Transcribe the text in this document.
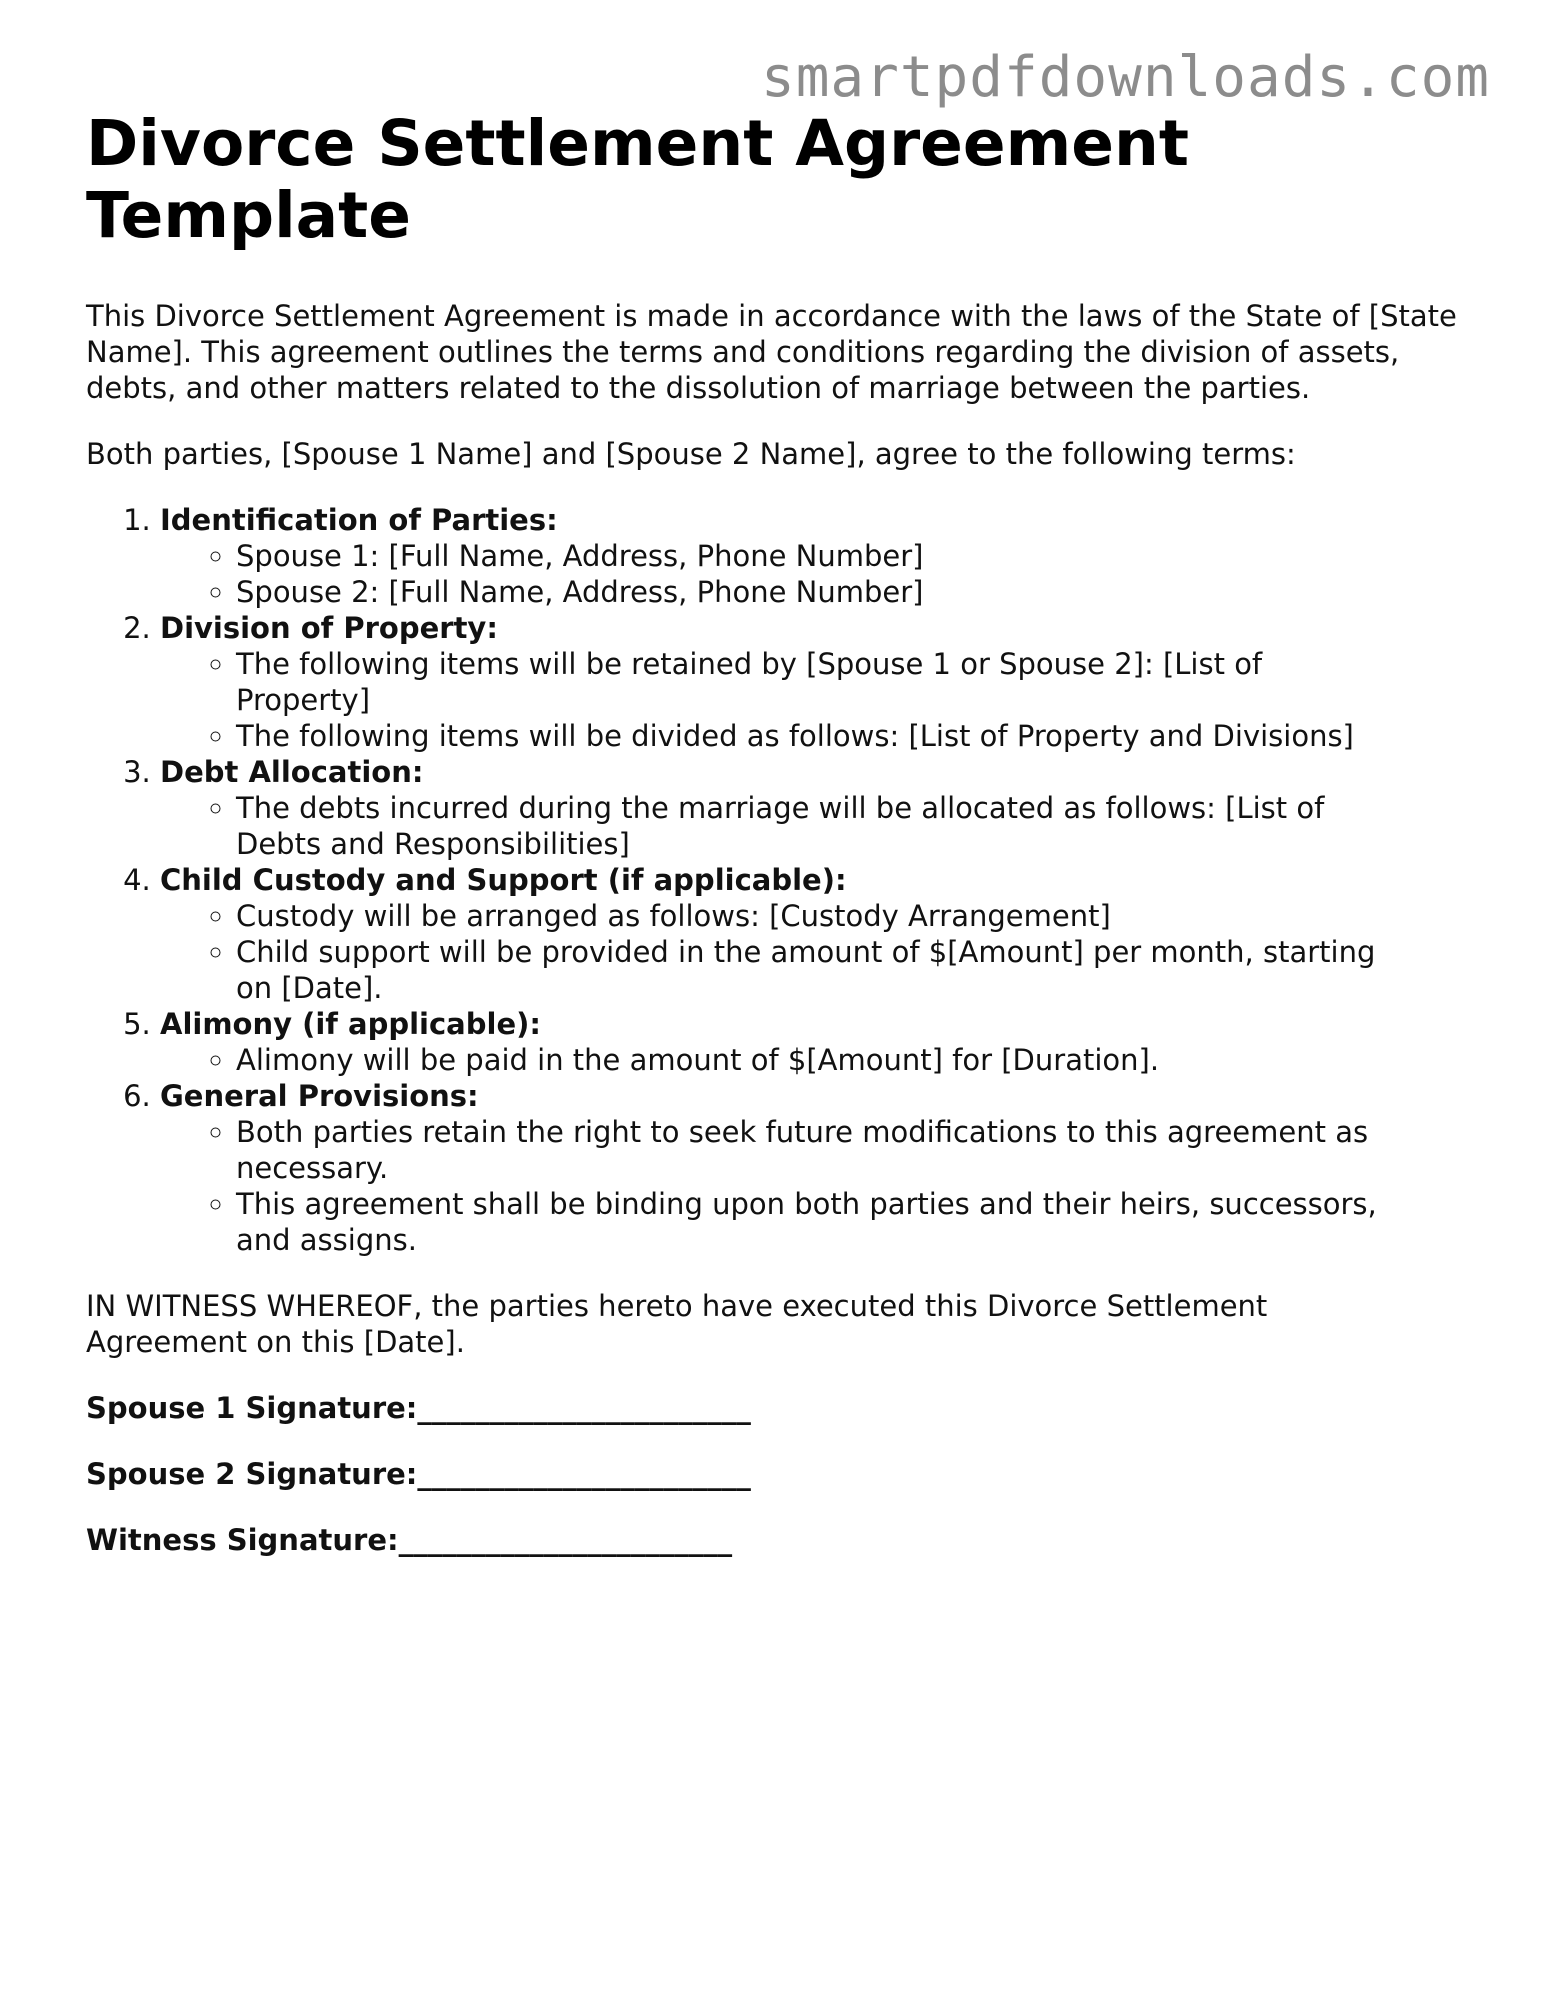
smartpdfdownloads.com
Divorce Settlement Agreement Template

This Divorce Settlement Agreement is made in accordance with the laws of the State of [State Name]. This agreement outlines the terms and conditions regarding the division of assets, debts, and other matters related to the dissolution of marriage between the parties.

Both parties, [Spouse 1 Name] and [Spouse 2 Name], agree to the following terms:

1. Identification of Parties:
◦ Spouse 1: [Full Name, Address, Phone Number]
◦ Spouse 2: [Full Name, Address, Phone Number]
2. Division of Property:
◦ The following items will be retained by [Spouse 1 or Spouse 2]: [List of Property]
◦ The following items will be divided as follows: [List of Property and Divisions]
3. Debt Allocation:
◦ The debts incurred during the marriage will be allocated as follows: [List of Debts and Responsibilities]
4. Child Custody and Support (if applicable):
◦ Custody will be arranged as follows: [Custody Arrangement]
◦ Child support will be provided in the amount of $[Amount] per month, starting on [Date].
5. Alimony (if applicable):
◦ Alimony will be paid in the amount of $[Amount] for [Duration].
6. General Provisions:
◦ Both parties retain the right to seek future modifications to this agreement as necessary.
◦ This agreement shall be binding upon both parties and their heirs, successors, and assigns.

IN WITNESS WHEREOF, the parties hereto have executed this Divorce Settlement Agreement on this [Date].

Spouse 1 Signature:_______________________

Spouse 2 Signature:_______________________

Witness Signature:_______________________
